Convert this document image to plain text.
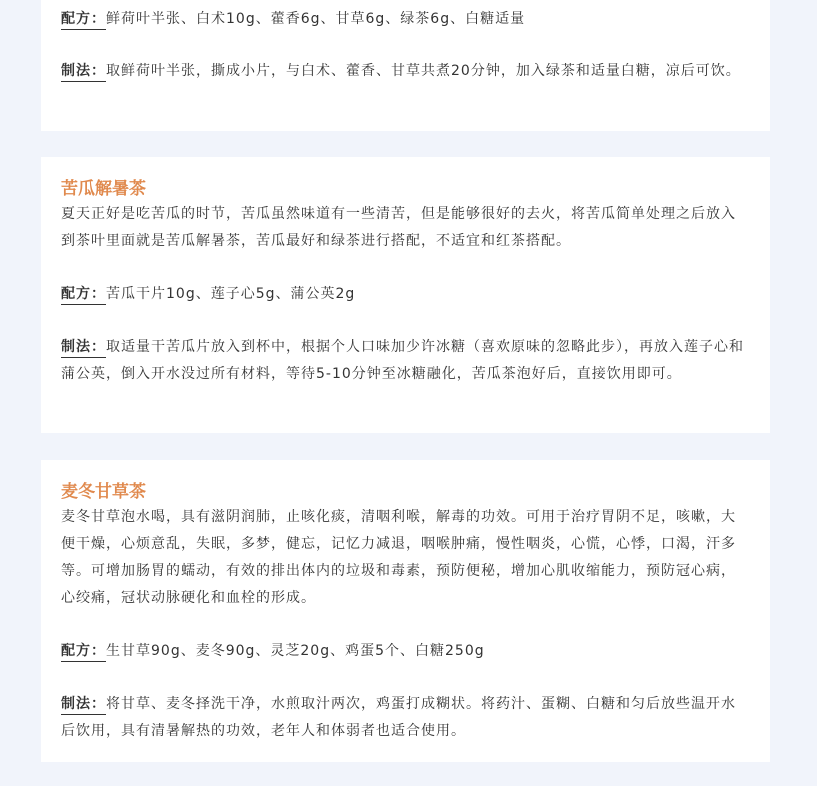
配方：鲜荷叶半张、白术10g、藿香6g、甘草6g、绿茶6g、白糖适量

制法：取鲜荷叶半张，撕成小片，与白术、藿香、甘草共煮20分钟，加入绿茶和适量白糖，凉后可饮。

苦瓜解暑茶

夏天正好是吃苦瓜的时节，苦瓜虽然味道有一些清苦，但是能够很好的去火，将苦瓜简单处理之后放入到茶叶里面就是苦瓜解暑茶，苦瓜最好和绿茶进行搭配，不适宜和红茶搭配。

配方：苦瓜干片10g、莲子心5g、蒲公英2g

制法：取适量干苦瓜片放入到杯中，根据个人口味加少许冰糖（喜欢原味的忽略此步），再放入莲子心和蒲公英，倒入开水没过所有材料，等待5-10分钟至冰糖融化，苦瓜茶泡好后，直接饮用即可。

麦冬甘草茶

麦冬甘草泡水喝，具有滋阴润肺，止咳化痰，清咽利喉，解毒的功效。可用于治疗胃阴不足，咳嗽，大便干燥，心烦意乱，失眠，多梦，健忘，记忆力减退，咽喉肿痛，慢性咽炎，心慌，心悸，口渴，汗多等。可增加肠胃的蠕动，有效的排出体内的垃圾和毒素，预防便秘，增加心肌收缩能力，预防冠心病，心绞痛，冠状动脉硬化和血栓的形成。

配方：生甘草90g、麦冬90g、灵芝20g、鸡蛋5个、白糖250g

制法：将甘草、麦冬择洗干净，水煎取汁两次，鸡蛋打成糊状。将药汁、蛋糊、白糖和匀后放些温开水后饮用，具有清暑解热的功效，老年人和体弱者也适合使用。
